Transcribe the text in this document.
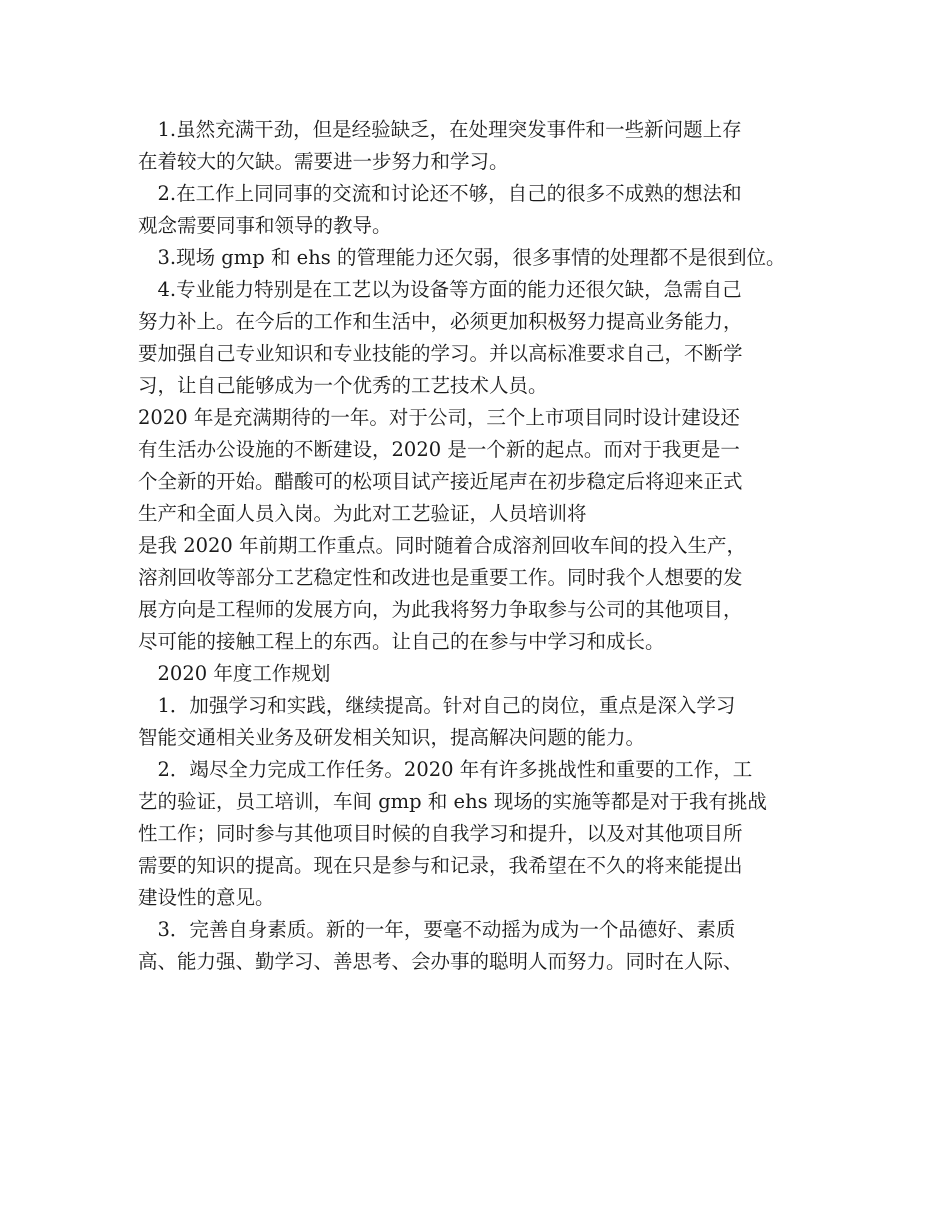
　1.虽然充满干劲，但是经验缺乏，在处理突发事件和一些新问题上存
在着较大的欠缺。需要进一步努力和学习。
　2.在工作上同同事的交流和讨论还不够，自己的很多不成熟的想法和
观念需要同事和领导的教导。
　3.现场 gmp 和 ehs 的管理能力还欠弱，很多事情的处理都不是很到位。
　4.专业能力特别是在工艺以为设备等方面的能力还很欠缺，急需自己
努力补上。在今后的工作和生活中，必须更加积极努力提高业务能力，
要加强自己专业知识和专业技能的学习。并以高标准要求自己，不断学
习，让自己能够成为一个优秀的工艺技术人员。
2020 年是充满期待的一年。对于公司，三个上市项目同时设计建设还
有生活办公设施的不断建设，2020 是一个新的起点。而对于我更是一
个全新的开始。醋酸可的松项目试产接近尾声在初步稳定后将迎来正式
生产和全面人员入岗。为此对工艺验证，人员培训将
是我 2020 年前期工作重点。同时随着合成溶剂回收车间的投入生产，
溶剂回收等部分工艺稳定性和改进也是重要工作。同时我个人想要的发
展方向是工程师的发展方向，为此我将努力争取参与公司的其他项目，
尽可能的接触工程上的东西。让自己的在参与中学习和成长。
　2020 年度工作规划
　1．加强学习和实践，继续提高。针对自己的岗位，重点是深入学习
智能交通相关业务及研发相关知识，提高解决问题的能力。
　2．竭尽全力完成工作任务。2020 年有许多挑战性和重要的工作，工
艺的验证，员工培训，车间 gmp 和 ehs 现场的实施等都是对于我有挑战
性工作；同时参与其他项目时候的自我学习和提升，以及对其他项目所
需要的知识的提高。现在只是参与和记录，我希望在不久的将来能提出
建设性的意见。
　3．完善自身素质。新的一年，要毫不动摇为成为一个品德好、素质
高、能力强、勤学习、善思考、会办事的聪明人而努力。同时在人际、
